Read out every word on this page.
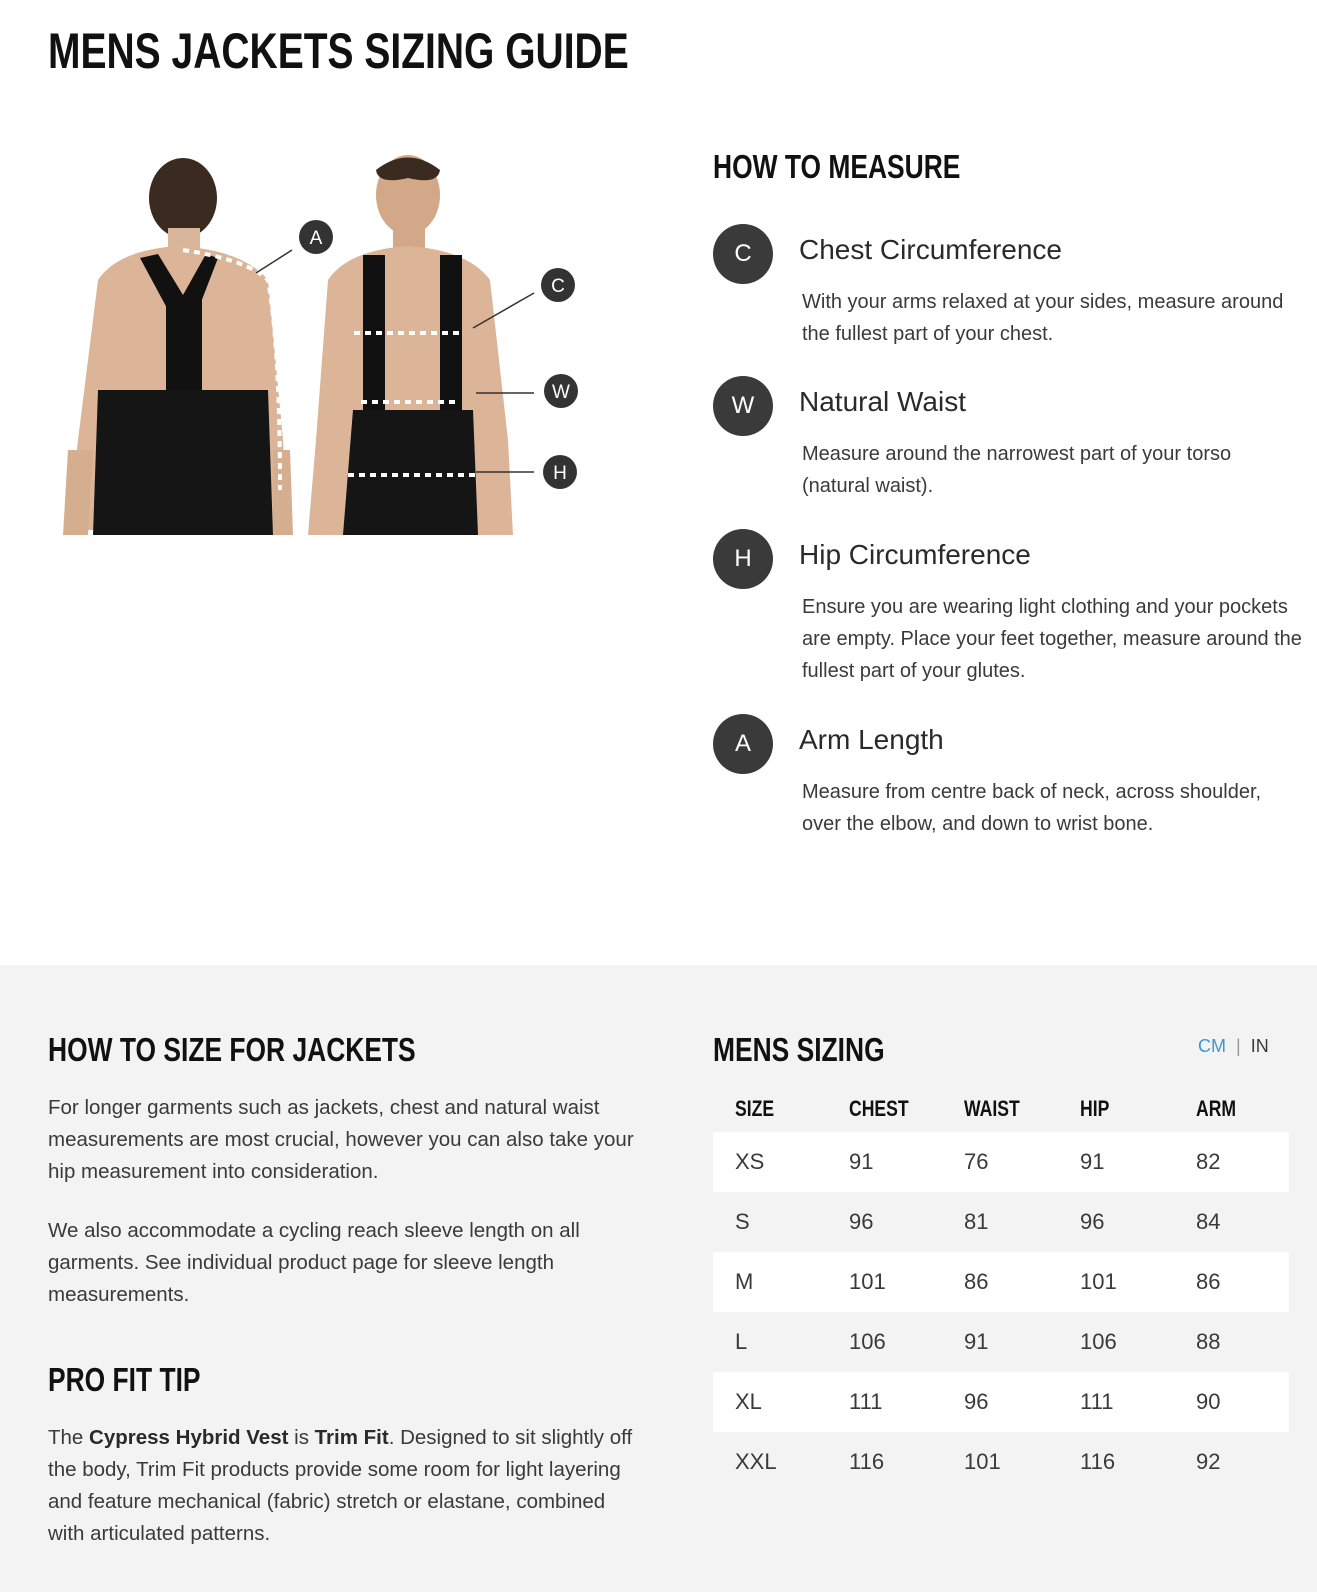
MENS JACKETS SIZING GUIDE
A
C
W
H
HOW TO MEASURE
C	Chest Circumference
With your arms relaxed at your sides, measure around the fullest part of your chest.
W	Natural Waist
Measure around the narrowest part of your torso (natural waist).
H	Hip Circumference
Ensure you are wearing light clothing and your pockets are empty. Place your feet together, measure around the fullest part of your glutes.
A	Arm Length
Measure from centre back of neck, across shoulder, over the elbow, and down to wrist bone.
HOW TO SIZE FOR JACKETS
For longer garments such as jackets, chest and natural waist measurements are most crucial, however you can also take your hip measurement into consideration.
We also accommodate a cycling reach sleeve length on all garments. See individual product page for sleeve length measurements.
PRO FIT TIP
The Cypress Hybrid Vest is Trim Fit. Designed to sit slightly off the body, Trim Fit products provide some room for light layering and feature mechanical (fabric) stretch or elastane, combined with articulated patterns.
MENS SIZING	CM | IN
SIZE	CHEST	WAIST	HIP	ARM
XS	91	76	91	82
S	96	81	96	84
M	101	86	101	86
L	106	91	106	88
XL	111	96	111	90
XXL	116	101	116	92
